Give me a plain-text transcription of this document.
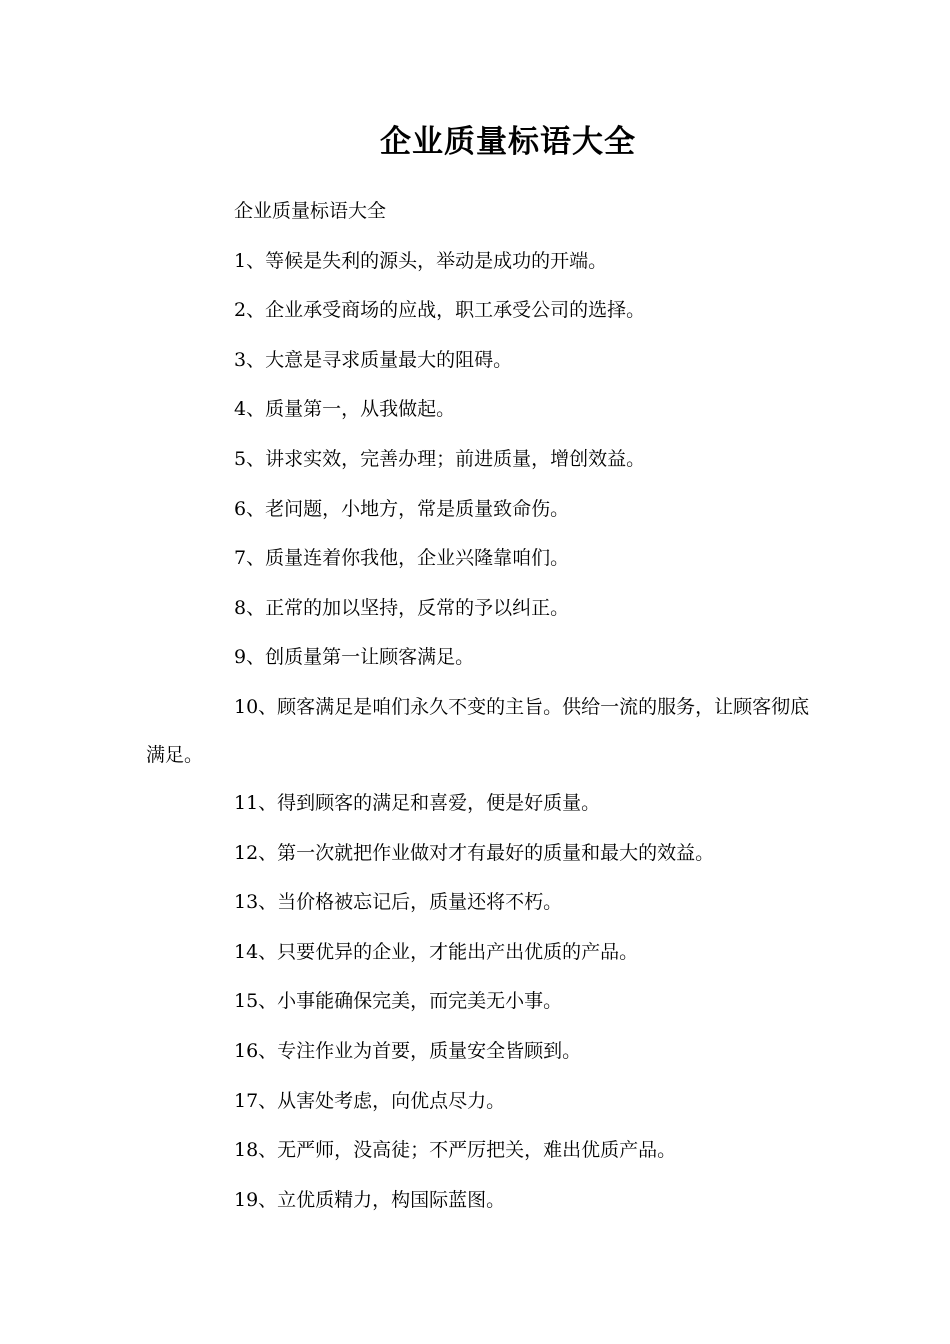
企业质量标语大全

企业质量标语大全

1、等候是失利的源头，举动是成功的开端。

2、企业承受商场的应战，职工承受公司的选择。

3、大意是寻求质量最大的阻碍。

4、质量第一，从我做起。

5、讲求实效，完善办理；前进质量，增创效益。

6、老问题，小地方，常是质量致命伤。

7、质量连着你我他，企业兴隆靠咱们。

8、正常的加以坚持，反常的予以纠正。

9、创质量第一让顾客满足。

10、顾客满足是咱们永久不变的主旨。供给一流的服务，让顾客彻底满足。

11、得到顾客的满足和喜爱，便是好质量。

12、第一次就把作业做对才有最好的质量和最大的效益。

13、当价格被忘记后，质量还将不朽。

14、只要优异的企业，才能出产出优质的产品。

15、小事能确保完美，而完美无小事。

16、专注作业为首要，质量安全皆顾到。

17、从害处考虑，向优点尽力。

18、无严师，没高徒；不严厉把关，难出优质产品。

19、立优质精力，构国际蓝图。
